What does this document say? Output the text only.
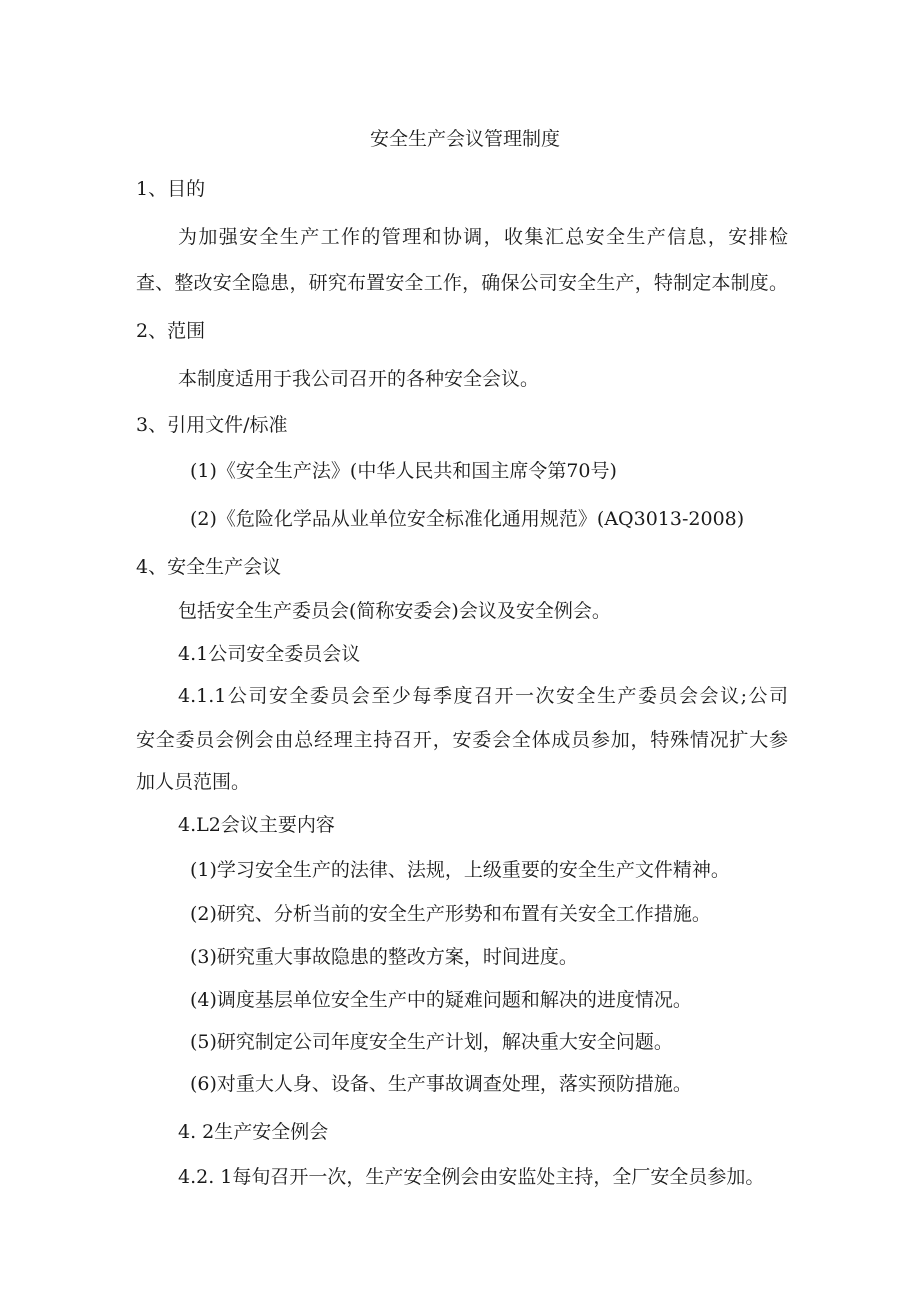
安全生产会议管理制度
1、目的
为加强安全生产工作的管理和协调，收集汇总安全生产信息，安排检
查、整改安全隐患，研究布置安全工作，确保公司安全生产，特制定本制度。
2、范围
本制度适用于我公司召开的各种安全会议。
3、引用文件/标准
(1)《安全生产法》(中华人民共和国主席令第70号)
(2)《危险化学品从业单位安全标准化通用规范》(AQ3013-2008)
4、安全生产会议
包括安全生产委员会(简称安委会)会议及安全例会。
4.1公司安全委员会议
4.1.1公司安全委员会至少每季度召开一次安全生产委员会会议;公司
安全委员会例会由总经理主持召开，安委会全体成员参加，特殊情况扩大参
加人员范围。
4.L2会议主要内容
(1)学习安全生产的法律、法规，上级重要的安全生产文件精神。
(2)研究、分析当前的安全生产形势和布置有关安全工作措施。
(3)研究重大事故隐患的整改方案，时间进度。
(4)调度基层单位安全生产中的疑难问题和解决的进度情况。
(5)研究制定公司年度安全生产计划，解决重大安全问题。
(6)对重大人身、设备、生产事故调查处理，落实预防措施。
4. 2生产安全例会
4.2. 1每旬召开一次，生产安全例会由安监处主持，全厂安全员参加。
